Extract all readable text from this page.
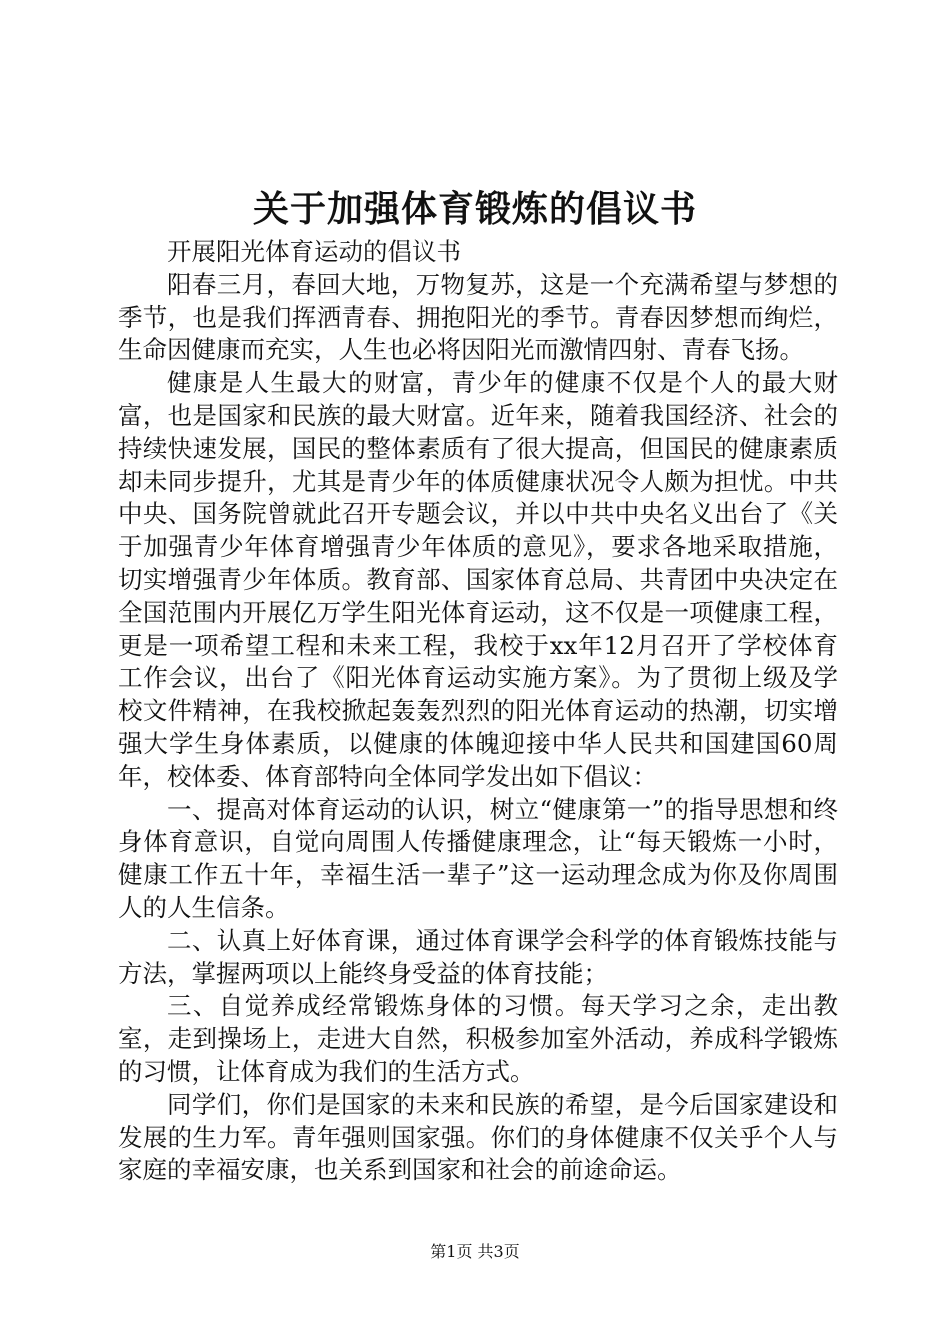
关于加强体育锻炼的倡议书
开展阳光体育运动的倡议书

阳春三月，春回大地，万物复苏，这是一个充满希望与梦想的季节，也是我们挥洒青春、拥抱阳光的季节。青春因梦想而绚烂，生命因健康而充实，人生也必将因阳光而激情四射、青春飞扬。

健康是人生最大的财富，青少年的健康不仅是个人的最大财富，也是国家和民族的最大财富。近年来，随着我国经济、社会的持续快速发展，国民的整体素质有了很大提高，但国民的健康素质却未同步提升，尤其是青少年的体质健康状况令人颇为担忧。中共中央、国务院曾就此召开专题会议，并以中共中央名义出台了《关于加强青少年体育增强青少年体质的意见》，要求各地采取措施，切实增强青少年体质。教育部、国家体育总局、共青团中央决定在全国范围内开展亿万学生阳光体育运动，这不仅是一项健康工程，更是一项希望工程和未来工程，我校于xx年12月召开了学校体育工作会议，出台了《阳光体育运动实施方案》。为了贯彻上级及学校文件精神，在我校掀起轰轰烈烈的阳光体育运动的热潮，切实增强大学生身体素质，以健康的体魄迎接中华人民共和国建国60周年，校体委、体育部特向全体同学发出如下倡议：

一、提高对体育运动的认识，树立“健康第一”的指导思想和终身体育意识，自觉向周围人传播健康理念，让“每天锻炼一小时，健康工作五十年，幸福生活一辈子”这一运动理念成为你及你周围人的人生信条。

二、认真上好体育课，通过体育课学会科学的体育锻炼技能与方法，掌握两项以上能终身受益的体育技能；

三、自觉养成经常锻炼身体的习惯。每天学习之余，走出教室，走到操场上，走进大自然，积极参加室外活动，养成科学锻炼的习惯，让体育成为我们的生活方式。

同学们，你们是国家的未来和民族的希望，是今后国家建设和发展的生力军。青年强则国家强。你们的身体健康不仅关乎个人与家庭的幸福安康，也关系到国家和社会的前途命运。

第1页 共3页
